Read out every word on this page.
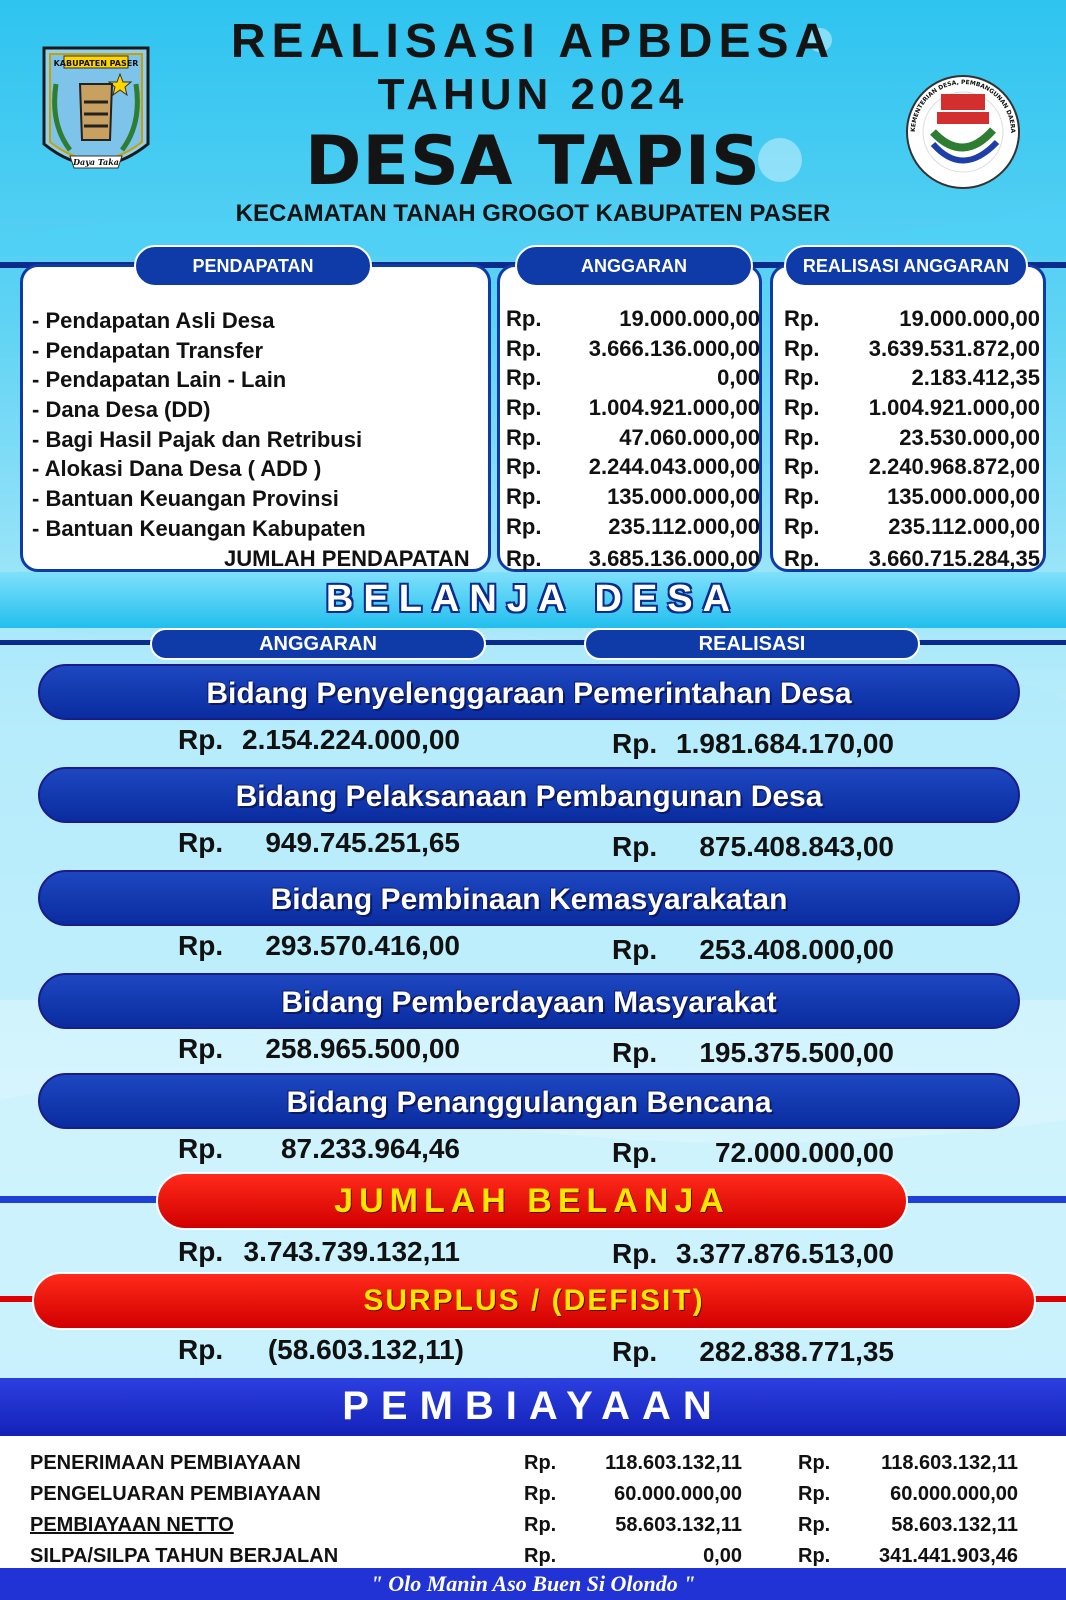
REALISASI APBDESA
TAHUN 2024
DESA TAPIS
KECAMATAN TANAH GROGOT KABUPATEN PASER
KABUPATEN PASER
Daya Taka
KEMENTERIAN DESA, PEMBANGUNAN DAERA
PENDAPATAN	ANGGARAN	REALISASI ANGGARAN
- Pendapatan Asli Desa	Rp.	19.000.000,00 Rp.	19.000.000,00
- Pendapatan Transfer	Rp. 3.666.136.000,00 Rp. 3.639.531.872,00
- Pendapatan Lain - Lain	Rp.	0,00 Rp.	2.183.412,35
- Dana Desa (DD)	Rp. 1.004.921.000,00 Rp. 1.004.921.000,00
- Bagi Hasil Pajak dan Retribusi	Rp.	47.060.000,00 Rp.	23.530.000,00
- Alokasi Dana Desa ( ADD )	Rp. 2.244.043.000,00 Rp. 2.240.968.872,00
- Bantuan Keuangan Provinsi	Rp.	135.000.000,00 Rp.	135.000.000,00
- Bantuan Keuangan Kabupaten	Rp.	235.112.000,00 Rp.	235.112.000,00
JUMLAH PENDAPATAN Rp. 3.685.136.000,00 Rp. 3.660.715.284,35
BELANJA DESA
ANGGARAN	REALISASI
Bidang Penyelenggaraan Pemerintahan Desa
Rp. 2.154.224.000,00	Rp. 1.981.684.170,00
Bidang Pelaksanaan Pembangunan Desa
Rp. 949.745.251,65	Rp. 875.408.843,00
Bidang Pembinaan Kemasyarakatan
Rp. 293.570.416,00	Rp. 253.408.000,00
Bidang Pemberdayaan Masyarakat
Rp. 258.965.500,00	Rp. 195.375.500,00
Bidang Penanggulangan Bencana
Rp. 87.233.964,46	Rp. 72.000.000,00
JUMLAH BELANJA
Rp. 3.743.739.132,11	Rp. 3.377.876.513,00
SURPLUS / (DEFISIT)
Rp. (58.603.132,11)	Rp. 282.838.771,35
PEMBIAYAAN
PENERIMAAN PEMBIAYAAN	Rp. 118.603.132,11	Rp.	118.603.132,11
PENGELUARAN PEMBIAYAAN	Rp.	60.000.000,00	Rp.	60.000.000,00
PEMBIAYAAN NETTO	Rp.	58.603.132,11	Rp.	58.603.132,11
SILPA/SILPA TAHUN BERJALAN	Rp.	0,00	Rp. 341.441.903,46
" Olo Manin Aso Buen Si Olondo "
